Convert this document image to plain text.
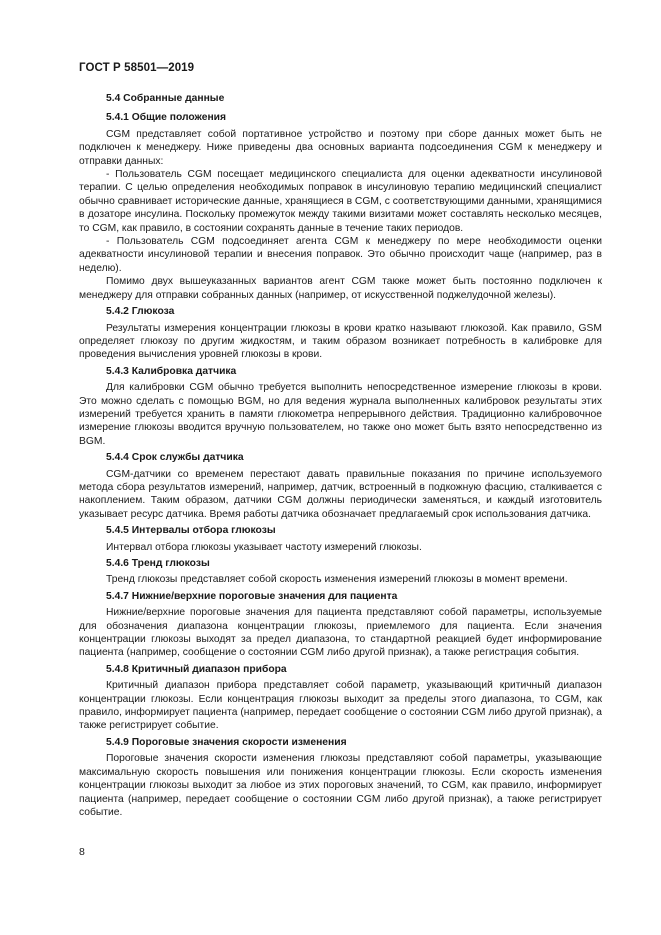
ГОСТ Р 58501—2019
5.4 Собранные данные
5.4.1 Общие положения

CGM представляет собой портативное устройство и поэтому при сборе данных может быть не подключен к менеджеру. Ниже приведены два основных варианта подсоединения CGM к менеджеру и отправки данных:

- Пользователь CGM посещает медицинского специалиста для оценки адекватности инсулиновой терапии. С целью определения необходимых поправок в инсулиновую терапию медицинский специалист обычно сравнивает исторические данные, хранящиеся в CGM, с соответствующими данными, хранящимися в дозаторе инсулина. Поскольку промежуток между такими визитами может составлять несколько месяцев, то CGM, как правило, в состоянии сохранять данные в течение таких периодов.

- Пользователь CGM подсоединяет агента CGM к менеджеру по мере необходимости оценки адекватности инсулиновой терапии и внесения поправок. Это обычно происходит чаще (например, раз в неделю).

Помимо двух вышеуказанных вариантов агент CGM также может быть постоянно подключен к менеджеру для отправки собранных данных (например, от искусственной поджелудочной железы).

5.4.2 Глюкоза

Результаты измерения концентрации глюкозы в крови кратко называют глюкозой. Как правило, GSM определяет глюкозу по другим жидкостям, и таким образом возникает потребность в калибровке для проведения вычисления уровней глюкозы в крови.

5.4.3 Калибровка датчика

Для калибровки CGM обычно требуется выполнить непосредственное измерение глюкозы в крови. Это можно сделать с помощью BGM, но для ведения журнала выполненных калибровок результаты этих измерений требуется хранить в памяти глюкометра непрерывного действия. Традиционно калибровочное измерение глюкозы вводится вручную пользователем, но также оно может быть взято непосредственно из BGM.

5.4.4 Срок службы датчика

CGM-датчики со временем перестают давать правильные показания по причине используемого метода сбора результатов измерений, например, датчик, встроенный в подкожную фасцию, сталкивается с накоплением. Таким образом, датчики CGM должны периодически заменяться, и каждый изготовитель указывает ресурс датчика. Время работы датчика обозначает предлагаемый срок использования датчика.

5.4.5 Интервалы отбора глюкозы

Интервал отбора глюкозы указывает частоту измерений глюкозы.

5.4.6 Тренд глюкозы

Тренд глюкозы представляет собой скорость изменения измерений глюкозы в момент времени.

5.4.7 Нижние/верхние пороговые значения для пациента

Нижние/верхние пороговые значения для пациента представляют собой параметры, используемые для обозначения диапазона концентрации глюкозы, приемлемого для пациента. Если значения концентрации глюкозы выходят за предел диапазона, то стандартной реакцией будет информирование пациента (например, сообщение о состоянии CGM либо другой признак), а также регистрация события.

5.4.8 Критичный диапазон прибора

Критичный диапазон прибора представляет собой параметр, указывающий критичный диапазон концентрации глюкозы. Если концентрация глюкозы выходит за пределы этого диапазона, то CGM, как правило, информирует пациента (например, передает сообщение о состоянии CGM либо другой признак), а также регистрирует событие.

5.4.9 Пороговые значения скорости изменения

Пороговые значения скорости изменения глюкозы представляют собой параметры, указывающие максимальную скорость повышения или понижения концентрации глюкозы. Если скорость изменения концентрации глюкозы выходит за любое из этих пороговых значений, то CGM, как правило, информирует пациента (например, передает сообщение о состоянии CGM либо другой признак), а также регистрирует событие.

8
